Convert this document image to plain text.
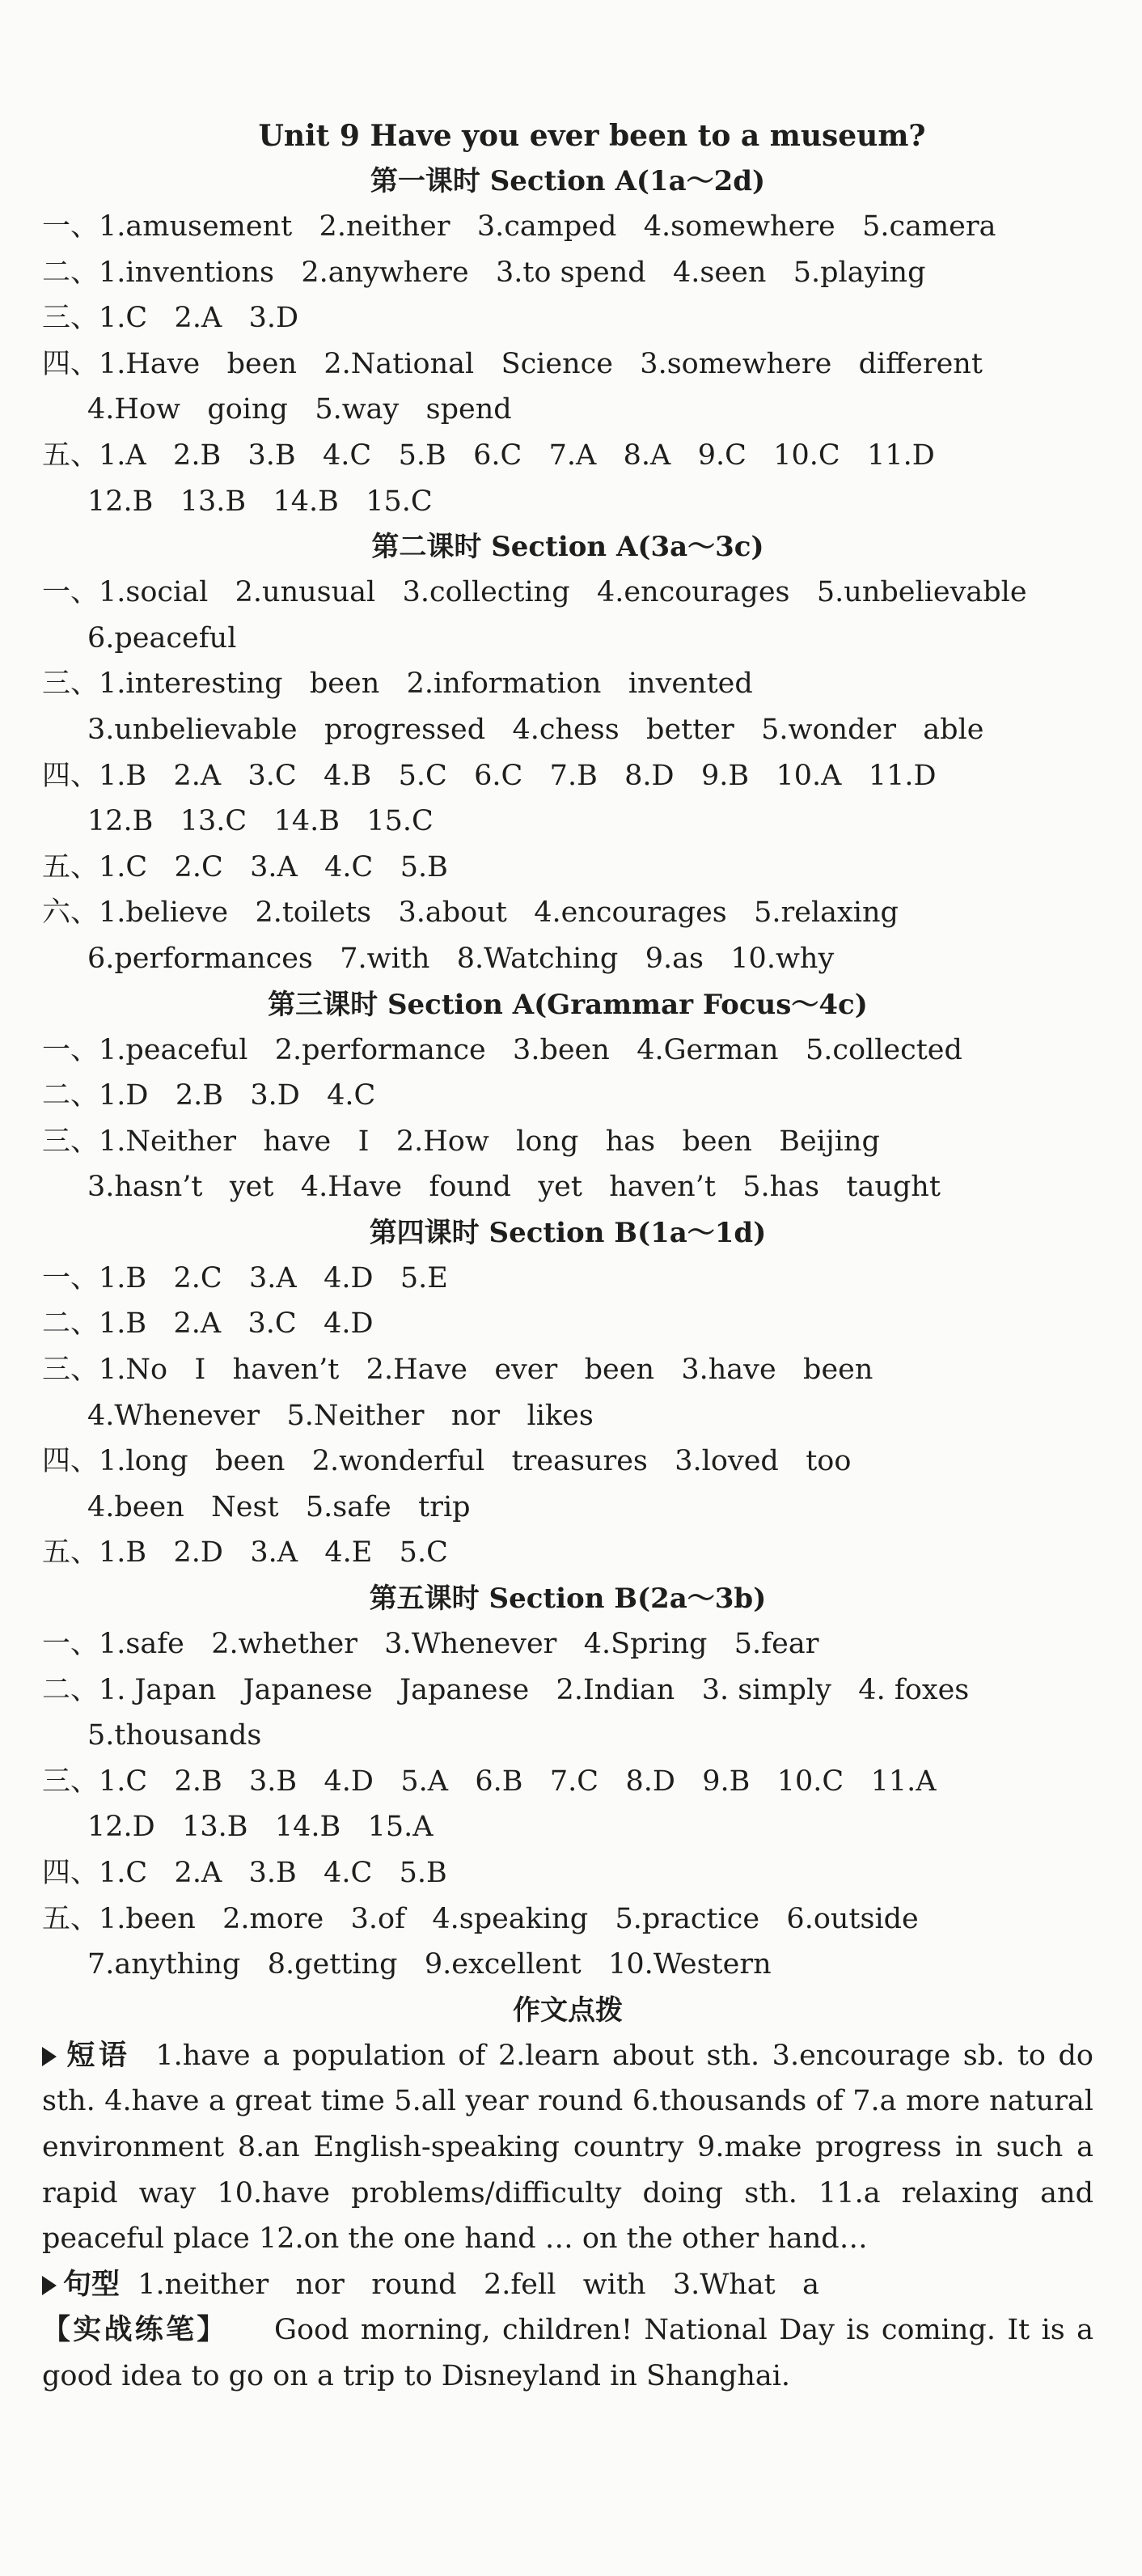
Unit 9 Have you ever been to a museum?
第一课时 Section A(1a～2d)
一、1.amusement   2.neither   3.camped   4.somewhere   5.camera
二、1.inventions   2.anywhere   3.to spend   4.seen   5.playing
三、1.C   2.A   3.D
四、1.Have   been   2.National   Science   3.somewhere   different
4.How   going   5.way   spend
五、1.A   2.B   3.B   4.C   5.B   6.C   7.A   8.A   9.C   10.C   11.D
12.B   13.B   14.B   15.C
第二课时 Section A(3a～3c)
一、1.social   2.unusual   3.collecting   4.encourages   5.unbelievable
6.peaceful
三、1.interesting   been   2.information   invented
3.unbelievable   progressed   4.chess   better   5.wonder   able
四、1.B   2.A   3.C   4.B   5.C   6.C   7.B   8.D   9.B   10.A   11.D
12.B   13.C   14.B   15.C
五、1.C   2.C   3.A   4.C   5.B
六、1.believe   2.toilets   3.about   4.encourages   5.relaxing
6.performances   7.with   8.Watching   9.as   10.why
第三课时 Section A(Grammar Focus～4c)
一、1.peaceful   2.performance   3.been   4.German   5.collected
二、1.D   2.B   3.D   4.C
三、1.Neither   have   I   2.How   long   has   been   Beijing
3.hasn’t   yet   4.Have   found   yet   haven’t   5.has   taught
第四课时 Section B(1a～1d)
一、1.B   2.C   3.A   4.D   5.E
二、1.B   2.A   3.C   4.D
三、1.No   I   haven’t   2.Have   ever   been   3.have   been
4.Whenever   5.Neither   nor   likes
四、1.long   been   2.wonderful   treasures   3.loved   too
4.been   Nest   5.safe   trip
五、1.B   2.D   3.A   4.E   5.C
第五课时 Section B(2a～3b)
一、1.safe   2.whether   3.Whenever   4.Spring   5.fear
二、1. Japan   Japanese   Japanese   2.Indian   3. simply   4. foxes
5.thousands
三、1.C   2.B   3.B   4.D   5.A   6.B   7.C   8.D   9.B   10.C   11.A
12.D   13.B   14.B   15.A
四、1.C   2.A   3.B   4.C   5.B
五、1.been   2.more   3.of   4.speaking   5.practice   6.outside
7.anything   8.getting   9.excellent   10.Western
作文点拨
短语 1.have a population of 2.learn about sth. 3.encourage sb. to do sth. 4.have a great time 5.all year round 6.thousands of 7.a more natural environment 8.an English-speaking country 9.make progress in such a rapid way 10.have problems/difficulty doing sth. 11.a relaxing and peaceful place 12.on the one hand … on the other hand…
句型 1.neither   nor   round   2.fell   with   3.What   a
【实战练笔】 Good morning, children! National Day is coming. It is a good idea to go on a trip to Disneyland in Shanghai.
